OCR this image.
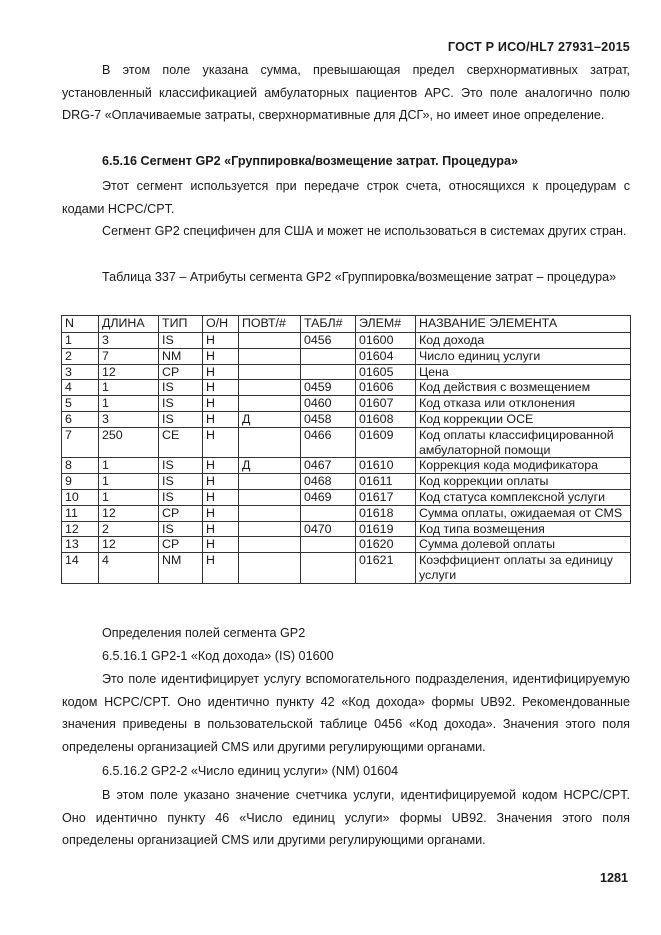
ГОСТ Р ИСО/HL7 27931–2015
В этом поле указана сумма, превышающая предел сверхнормативных затрат, установленный классификацией амбулаторных пациентов APC. Это поле аналогично полю DRG-7 «Оплачиваемые затраты, сверхнормативные для ДСГ», но имеет иное определение.
6.5.16 Сегмент GP2 «Группировка/возмещение затрат. Процедура»
Этот сегмент используется при передаче строк счета, относящихся к процедурам с кодами HCPC/CPT.
Сегмент GP2 специфичен для США и может не использоваться в системах других стран.
Таблица 337 – Атрибуты сегмента GP2 «Группировка/возмещение затрат – процедура»
N	ДЛИНА	ТИП	О/Н	ПОВТ/#	ТАБЛ#	ЭЛЕМ#	НАЗВАНИЕ ЭЛЕМЕНТА
1	3	IS	Н		0456	01600	Код дохода
2	7	NM	Н			01604	Число единиц услуги
3	12	CP	Н			01605	Цена
4	1	IS	Н		0459	01606	Код действия с возмещением
5	1	IS	Н		0460	01607	Код отказа или отклонения
6	3	IS	Н	Д	0458	01608	Код коррекции OCE
7	250	CE	Н		0466	01609	Код оплаты классифицированной амбулаторной помощи
8	1	IS	Н	Д	0467	01610	Коррекция кода модификатора
9	1	IS	Н		0468	01611	Код коррекции оплаты
10	1	IS	Н		0469	01617	Код статуса комплексной услуги
11	12	CP	Н			01618	Сумма оплаты, ожидаемая от CMS
12	2	IS	Н		0470	01619	Код типа возмещения
13	12	CP	Н			01620	Сумма долевой оплаты
14	4	NM	Н			01621	Коэффициент оплаты за единицу услуги
Определения полей сегмента GP2
6.5.16.1 GP2-1 «Код дохода» (IS) 01600
Это поле идентифицирует услугу вспомогательного подразделения, идентифицируемую кодом HCPC/CPT. Оно идентично пункту 42 «Код дохода» формы UB92. Рекомендованные значения приведены в пользовательской таблице 0456 «Код дохода». Значения этого поля определены организацией CMS или другими регулирующими органами.
6.5.16.2 GP2-2 «Число единиц услуги» (NM) 01604
В этом поле указано значение счетчика услуги, идентифицируемой кодом HCPC/CPT. Оно идентично пункту 46 «Число единиц услуги» формы UB92. Значения этого поля определены организацией CMS или другими регулирующими органами.
1281
